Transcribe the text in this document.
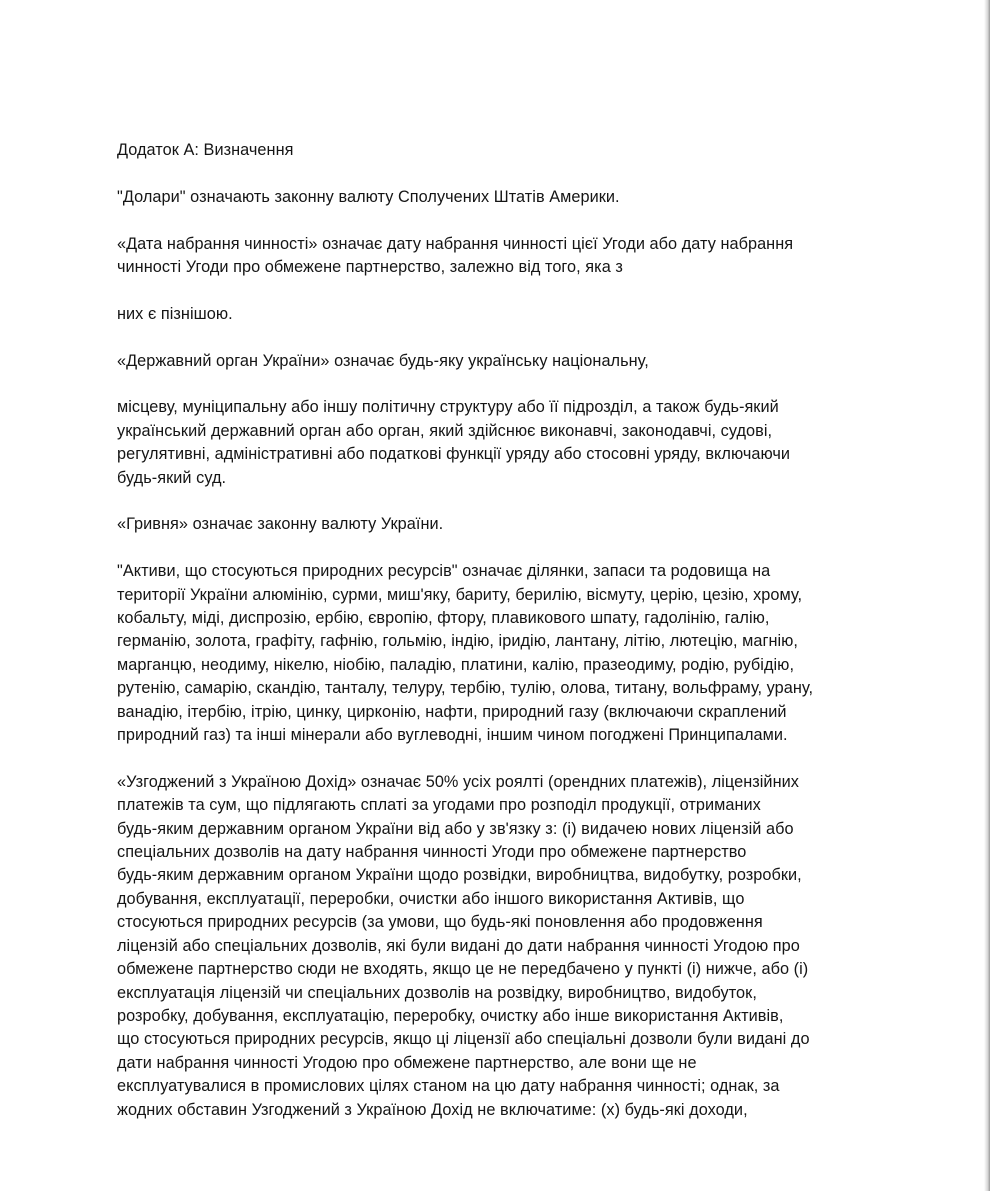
Додаток А: Визначення

"Долари" означають законну валюту Сполучених Штатів Америки.

«Дата набрання чинності» означає дату набрання чинності цієї Угоди або дату набрання
чинності Угоди про обмежене партнерство, залежно від того, яка з

них є пізнішою.

«Державний орган України» означає будь-яку українську національну,

місцеву, муніципальну або іншу політичну структуру або її підрозділ, а також будь-який
український державний орган або орган, який здійснює виконавчі, законодавчі, судові,
регулятивні, адміністративні або податкові функції уряду або стосовні уряду, включаючи
будь-який суд.

«Гривня» означає законну валюту України.

"Активи, що стосуються природних ресурсів" означає ділянки, запаси та родовища на
території України алюмінію, сурми, миш'яку, бариту, берилію, вісмуту, церію, цезію, хрому,
кобальту, міді, диспрозію, ербію, європію, фтору, плавикового шпату, гадолінію, галію,
германію, золота, графіту, гафнію, гольмію, індію, іридію, лантану, літію, лютецію, магнію,
марганцю, неодиму, нікелю, ніобію, паладію, платини, калію, празеодиму, родію, рубідію,
рутенію, самарію, скандію, танталу, телуру, тербію, тулію, олова, титану, вольфраму, урану,
ванадію, ітербію, ітрію, цинку, цирконію, нафти, природний газу (включаючи скраплений
природний газ) та інші мінерали або вуглеводні, іншим чином погоджені Принципалами.

«Узгоджений з Україною Дохід» означає 50% усіх роялті (орендних платежів), ліцензійних
платежів та сум, що підлягають сплаті за угодами про розподіл продукції, отриманих
будь-яким державним органом України від або у зв'язку з: (і) видачею нових ліцензій або
спеціальних дозволів на дату набрання чинності Угоди про обмежене партнерство
будь-яким державним органом України щодо розвідки, виробництва, видобутку, розробки,
добування, експлуатації, переробки, очистки або іншого використання Активів, що
стосуються природних ресурсів (за умови, що будь-які поновлення або продовження
ліцензій або спеціальних дозволів, які були видані до дати набрання чинності Угодою про
обмежене партнерство сюди не входять, якщо це не передбачено у пункті (і) нижче, або (і)
експлуатація ліцензій чи спеціальних дозволів на розвідку, виробництво, видобуток,
розробку, добування, експлуатацію, переробку, очистку або інше використання Активів,
що стосуються природних ресурсів, якщо ці ліцензії або спеціальні дозволи були видані до
дати набрання чинності Угодою про обмежене партнерство, але вони ще не
експлуатувалися в промислових цілях станом на цю дату набрання чинності; однак, за
жодних обставин Узгоджений з Україною Дохід не включатиме: (х) будь-які доходи,
